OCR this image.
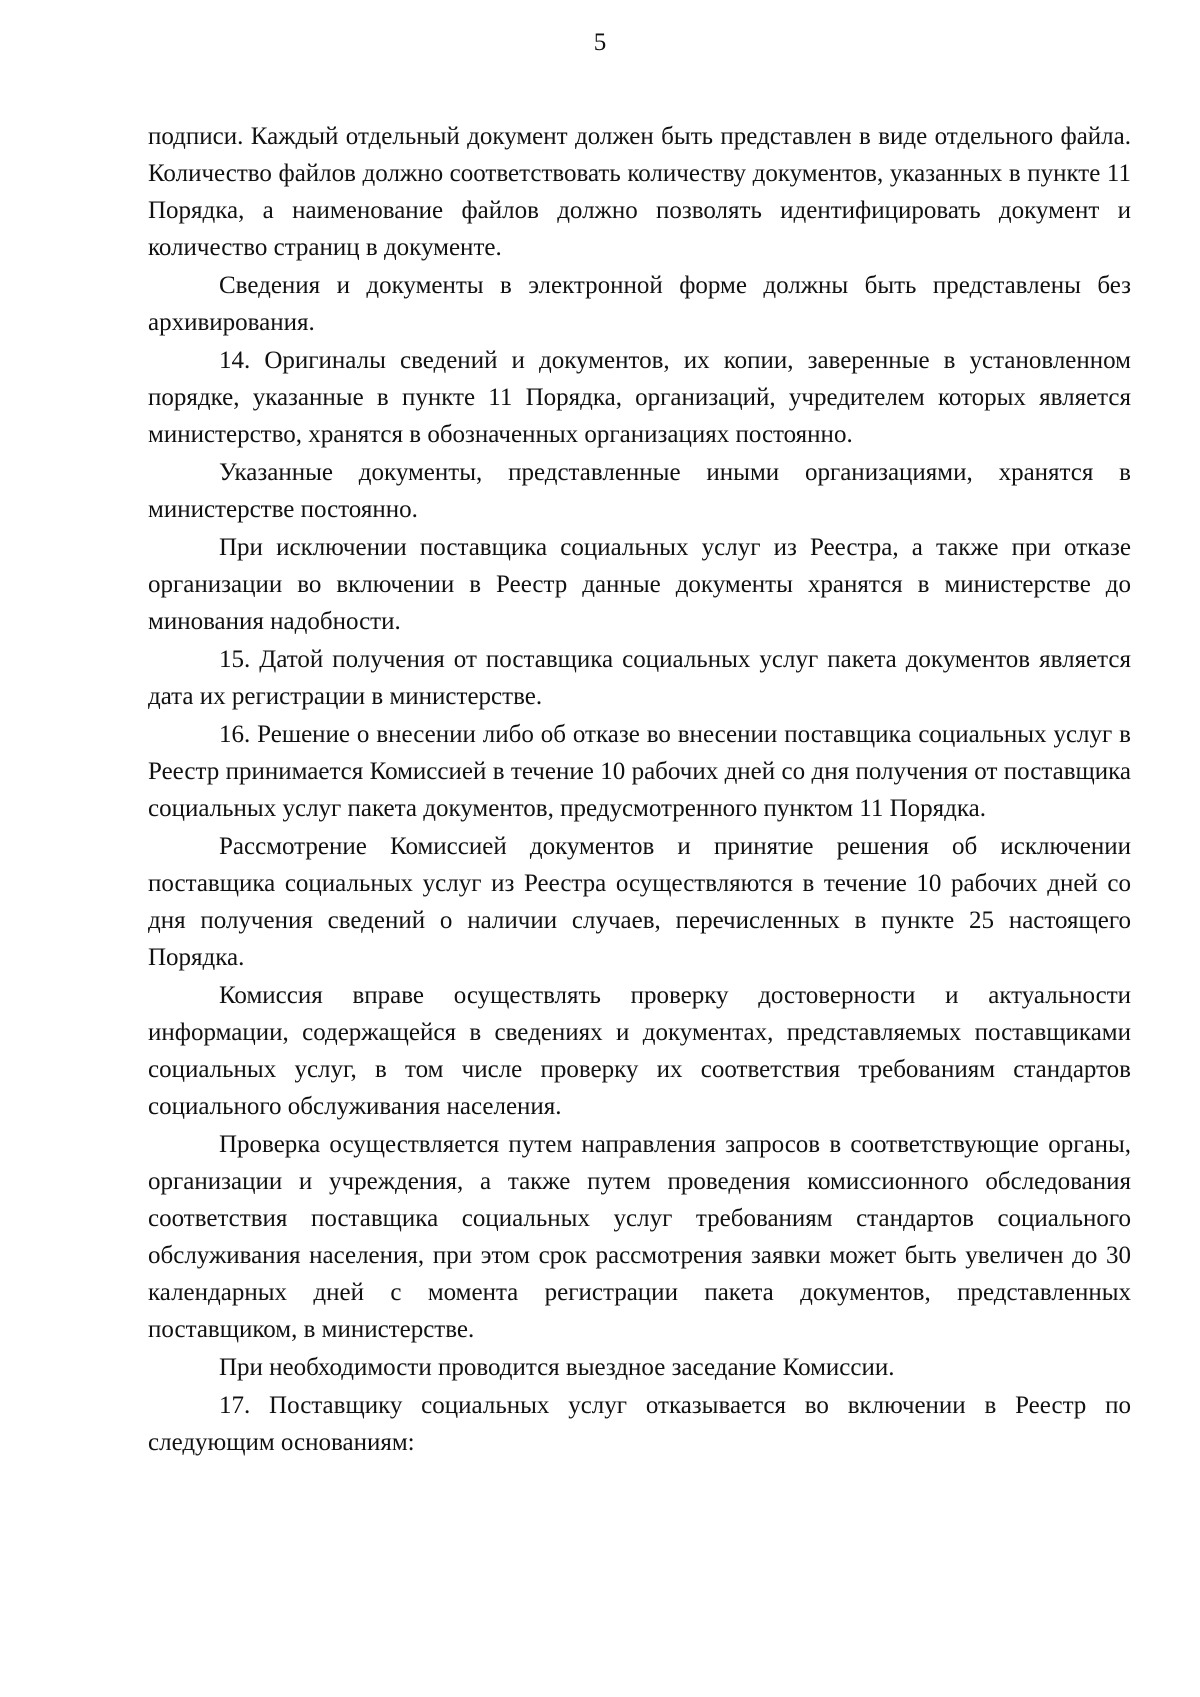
5

подписи. Каждый отдельный документ должен быть представлен в виде отдельного файла. Количество файлов должно соответствовать количеству документов, указанных в пункте 11 Порядка, а наименование файлов должно позволять идентифицировать документ и количество страниц в документе.

Сведения и документы в электронной форме должны быть представлены без архивирования.

14. Оригиналы сведений и документов, их копии, заверенные в установленном порядке, указанные в пункте 11 Порядка, организаций, учредителем которых является министерство, хранятся в обозначенных организациях постоянно.

Указанные документы, представленные иными организациями, хранятся в министерстве постоянно.

При исключении поставщика социальных услуг из Реестра, а также при отказе организации во включении в Реестр данные документы хранятся в министерстве до минования надобности.

15. Датой получения от поставщика социальных услуг пакета документов является дата их регистрации в министерстве.

16. Решение о внесении либо об отказе во внесении поставщика социальных услуг в Реестр принимается Комиссией в течение 10 рабочих дней со дня получения от поставщика социальных услуг пакета документов, предусмотренного пунктом 11 Порядка.

Рассмотрение Комиссией документов и принятие решения об исключении поставщика социальных услуг из Реестра осуществляются в течение 10 рабочих дней со дня получения сведений о наличии случаев, перечисленных в пункте 25 настоящего Порядка.

Комиссия вправе осуществлять проверку достоверности и актуальности информации, содержащейся в сведениях и документах, представляемых поставщиками социальных услуг, в том числе проверку их соответствия требованиям стандартов социального обслуживания населения.

Проверка осуществляется путем направления запросов в соответствующие органы, организации и учреждения, а также путем проведения комиссионного обследования соответствия поставщика социальных услуг требованиям стандартов социального обслуживания населения, при этом срок рассмотрения заявки может быть увеличен до 30 календарных дней с момента регистрации пакета документов, представленных поставщиком, в министерстве.

При необходимости проводится выездное заседание Комиссии.

17. Поставщику социальных услуг отказывается во включении в Реестр по следующим основаниям:
